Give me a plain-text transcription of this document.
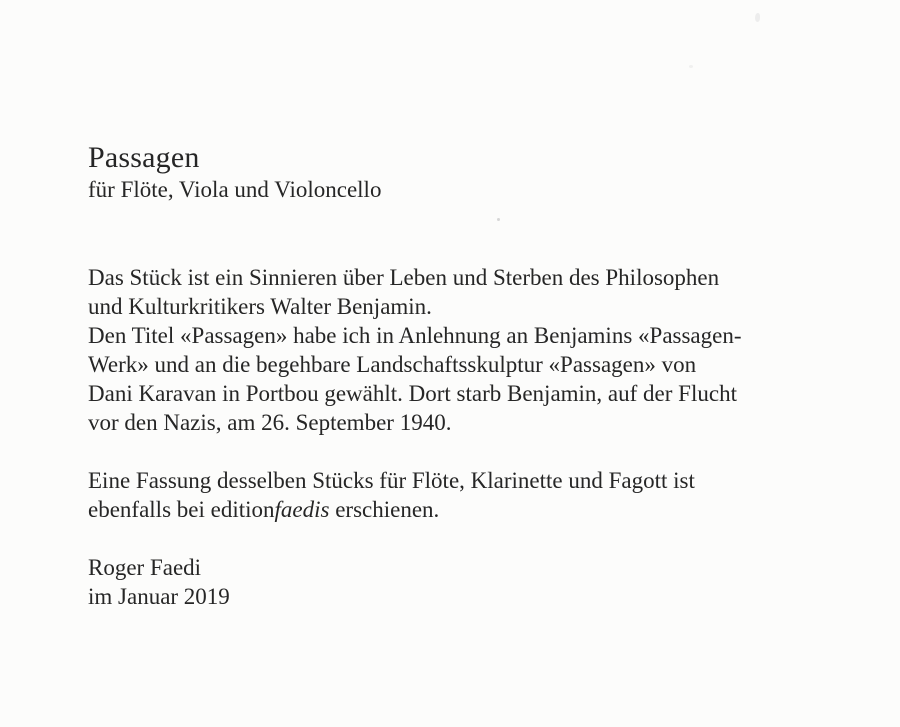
Passagen
für Flöte, Viola und Violoncello
Das Stück ist ein Sinnieren über Leben und Sterben des Philosophen
und Kulturkritikers Walter Benjamin.
Den Titel «Passagen» habe ich in Anlehnung an Benjamins «Passagen-
Werk» und an die begehbare Landschaftsskulptur «Passagen» von
Dani Karavan in Portbou gewählt. Dort starb Benjamin, auf der Flucht
vor den Nazis, am 26. September 1940.
Eine Fassung desselben Stücks für Flöte, Klarinette und Fagott ist
ebenfalls bei editionfaedis erschienen.
Roger Faedi
im Januar 2019
